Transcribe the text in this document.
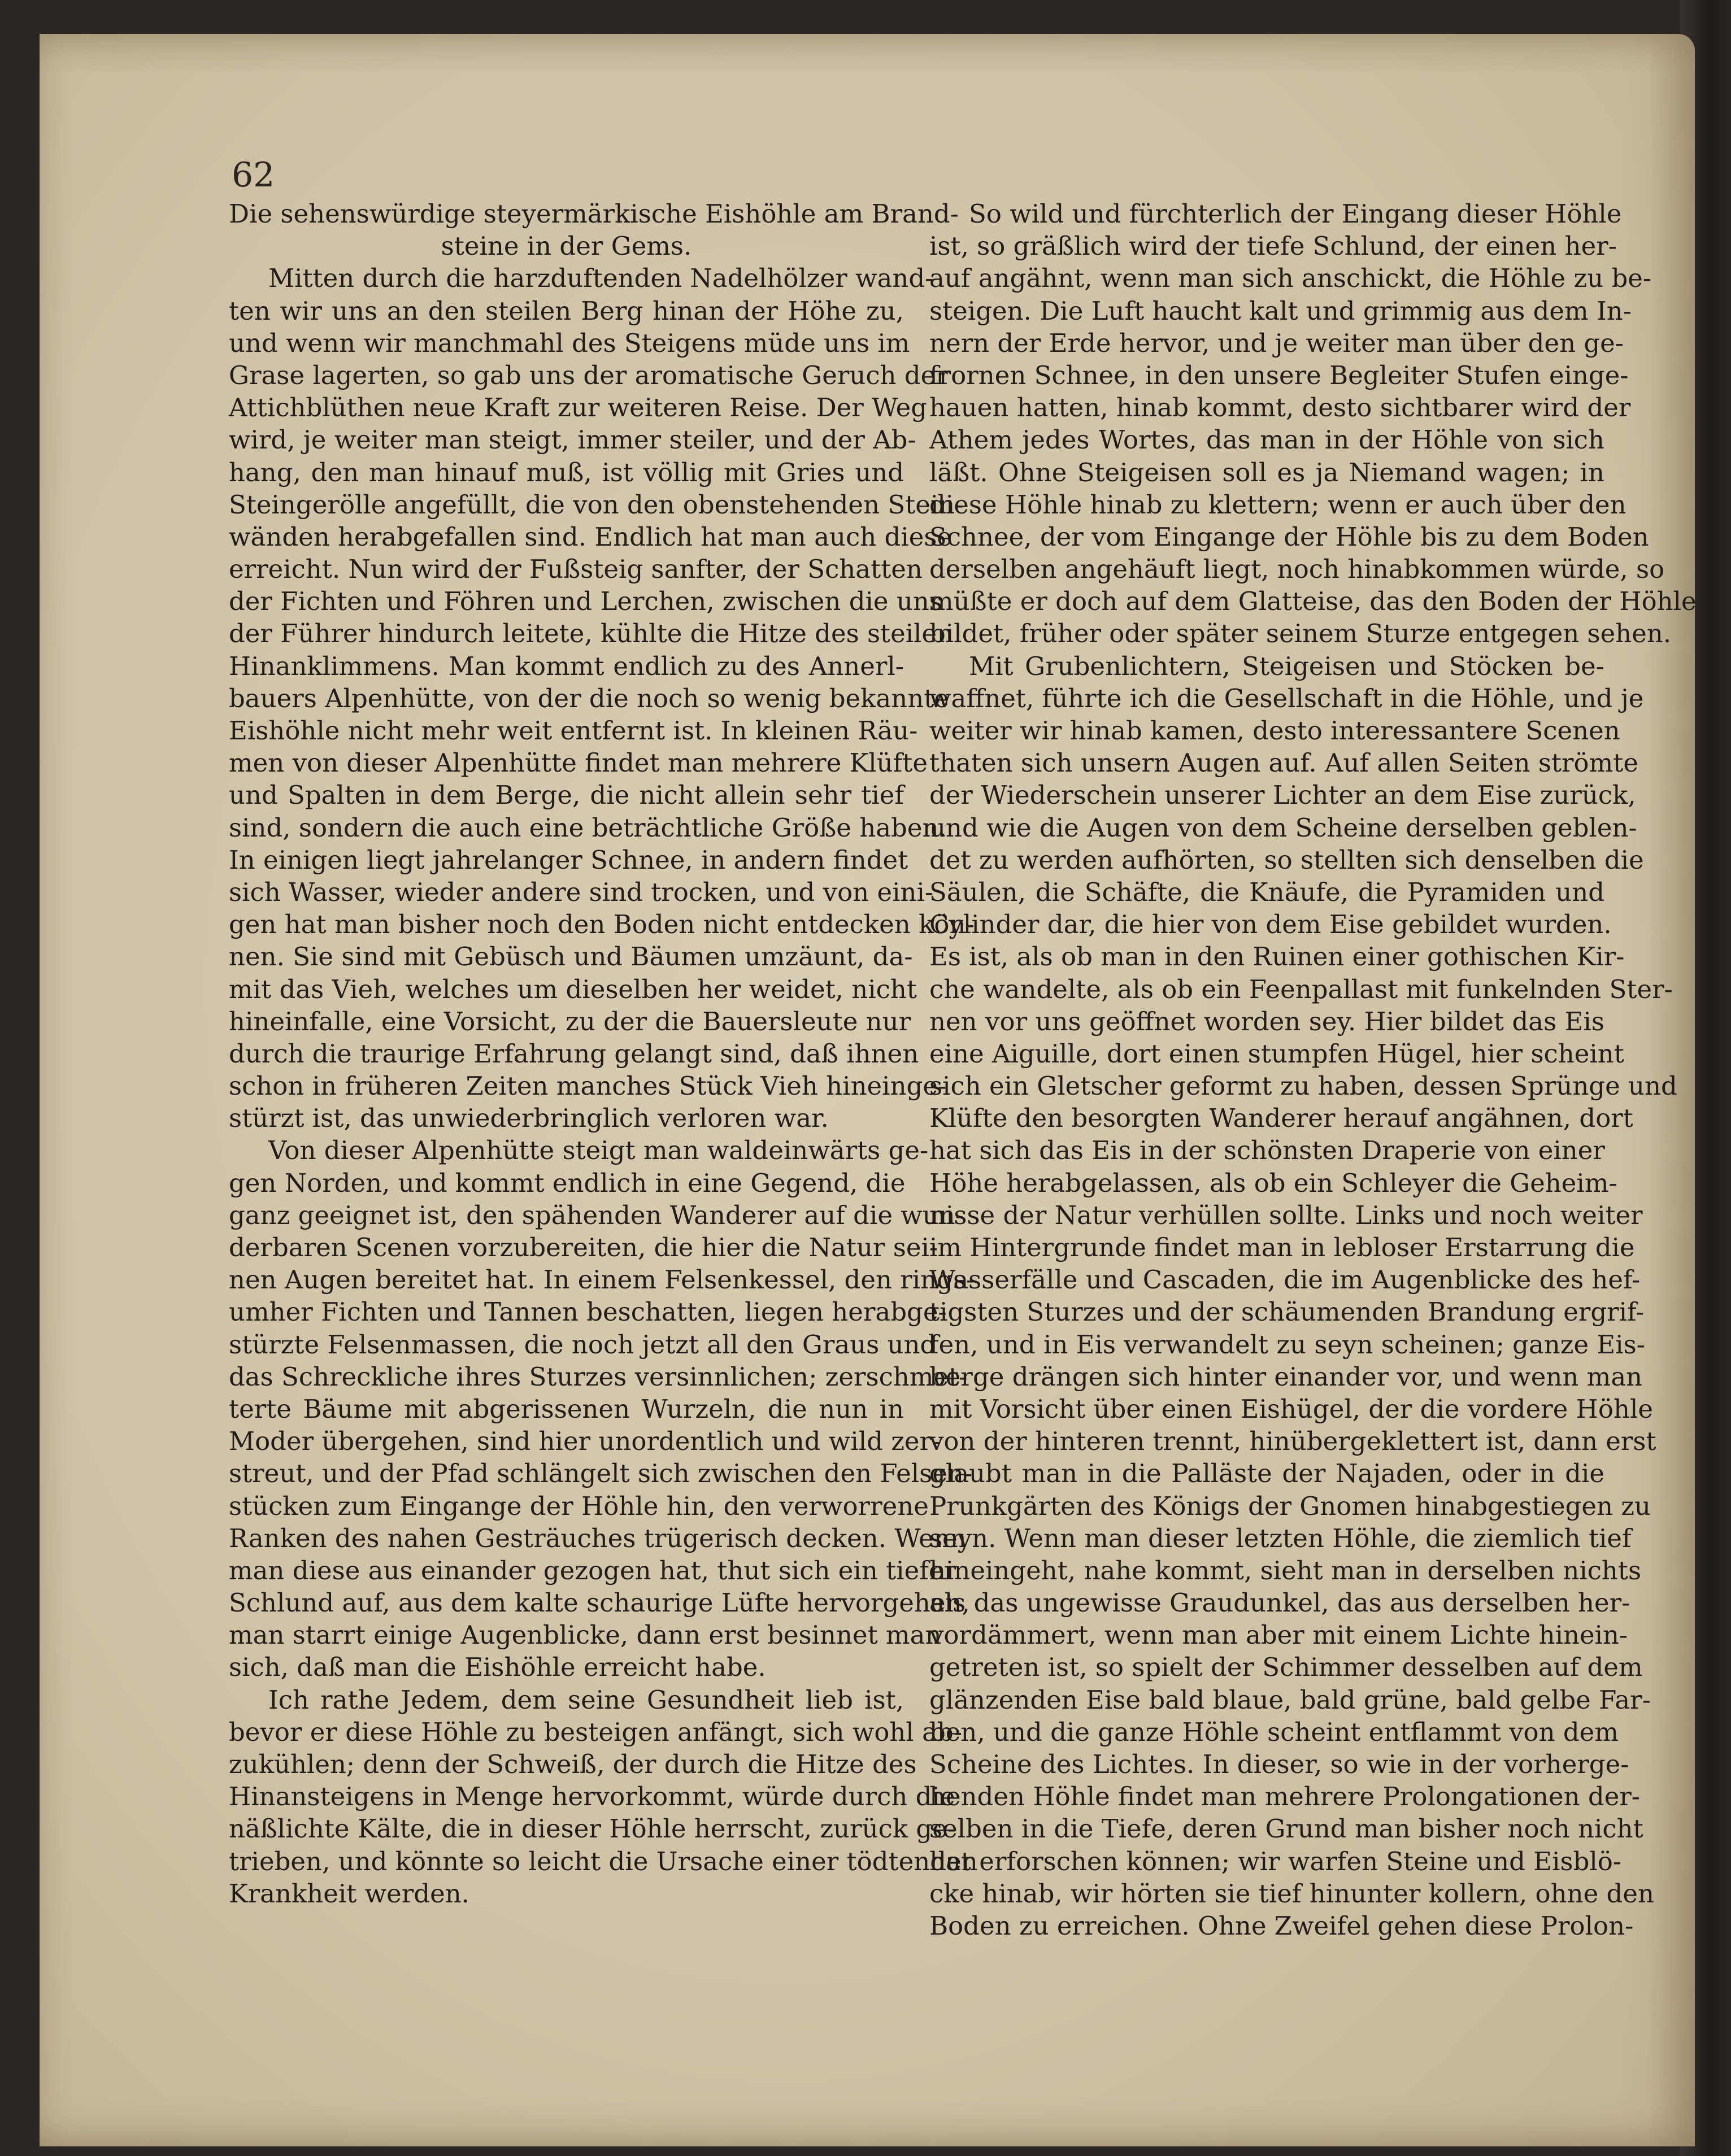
62
Die sehenswürdige steyermärkische Eishöhle am Brand-
steine in der Gems.
Mitten durch die harzduftenden Nadelhölzer wand-
ten wir uns an den steilen Berg hinan der Höhe zu,
und wenn wir manchmahl des Steigens müde uns im
Grase lagerten, so gab uns der aromatische Geruch der
Attichblüthen neue Kraft zur weiteren Reise. Der Weg
wird, je weiter man steigt, immer steiler, und der Ab-
hang, den man hinauf muß, ist völlig mit Gries und
Steingerölle angefüllt, die von den obenstehenden Stein-
wänden herabgefallen sind. Endlich hat man auch diese
erreicht. Nun wird der Fußsteig sanfter, der Schatten
der Fichten und Föhren und Lerchen, zwischen die uns
der Führer hindurch leitete, kühlte die Hitze des steilen
Hinanklimmens. Man kommt endlich zu des Annerl-
bauers Alpenhütte, von der die noch so wenig bekannte
Eishöhle nicht mehr weit entfernt ist. In kleinen Räu-
men von dieser Alpenhütte findet man mehrere Klüfte
und Spalten in dem Berge, die nicht allein sehr tief
sind, sondern die auch eine beträchtliche Größe haben.
In einigen liegt jahrelanger Schnee, in andern findet
sich Wasser, wieder andere sind trocken, und von eini-
gen hat man bisher noch den Boden nicht entdecken kön-
nen. Sie sind mit Gebüsch und Bäumen umzäunt, da-
mit das Vieh, welches um dieselben her weidet, nicht
hineinfalle, eine Vorsicht, zu der die Bauersleute nur
durch die traurige Erfahrung gelangt sind, daß ihnen
schon in früheren Zeiten manches Stück Vieh hineinge-
stürzt ist, das unwiederbringlich verloren war.
Von dieser Alpenhütte steigt man waldeinwärts ge-
gen Norden, und kommt endlich in eine Gegend, die
ganz geeignet ist, den spähenden Wanderer auf die wun-
derbaren Scenen vorzubereiten, die hier die Natur sei-
nen Augen bereitet hat. In einem Felsenkessel, den rings-
umher Fichten und Tannen beschatten, liegen herabge-
stürzte Felsenmassen, die noch jetzt all den Graus und
das Schreckliche ihres Sturzes versinnlichen; zerschmet-
terte Bäume mit abgerissenen Wurzeln, die nun in
Moder übergehen, sind hier unordentlich und wild zer-
streut, und der Pfad schlängelt sich zwischen den Felsen-
stücken zum Eingange der Höhle hin, den verworrene
Ranken des nahen Gesträuches trügerisch decken. Wenn
man diese aus einander gezogen hat, thut sich ein tiefer
Schlund auf, aus dem kalte schaurige Lüfte hervorgehen,
man starrt einige Augenblicke, dann erst besinnet man
sich, daß man die Eishöhle erreicht habe.
Ich rathe Jedem, dem seine Gesundheit lieb ist,
bevor er diese Höhle zu besteigen anfängt, sich wohl ab-
zukühlen; denn der Schweiß, der durch die Hitze des
Hinansteigens in Menge hervorkommt, würde durch die
näßlichte Kälte, die in dieser Höhle herrscht, zurück ge-
trieben, und könnte so leicht die Ursache einer tödtenden
Krankheit werden.
So wild und fürchterlich der Eingang dieser Höhle
ist, so gräßlich wird der tiefe Schlund, der einen her-
auf angähnt, wenn man sich anschickt, die Höhle zu be-
steigen. Die Luft haucht kalt und grimmig aus dem In-
nern der Erde hervor, und je weiter man über den ge-
frornen Schnee, in den unsere Begleiter Stufen einge-
hauen hatten, hinab kommt, desto sichtbarer wird der
Athem jedes Wortes, das man in der Höhle von sich
läßt. Ohne Steigeisen soll es ja Niemand wagen; in
diese Höhle hinab zu klettern; wenn er auch über den
Schnee, der vom Eingange der Höhle bis zu dem Boden
derselben angehäuft liegt, noch hinabkommen würde, so
müßte er doch auf dem Glatteise, das den Boden der Höhle
bildet, früher oder später seinem Sturze entgegen sehen.
Mit Grubenlichtern, Steigeisen und Stöcken be-
waffnet, führte ich die Gesellschaft in die Höhle, und je
weiter wir hinab kamen, desto interessantere Scenen
thaten sich unsern Augen auf. Auf allen Seiten strömte
der Wiederschein unserer Lichter an dem Eise zurück,
und wie die Augen von dem Scheine derselben geblen-
det zu werden aufhörten, so stellten sich denselben die
Säulen, die Schäfte, die Knäufe, die Pyramiden und
Cylinder dar, die hier von dem Eise gebildet wurden.
Es ist, als ob man in den Ruinen einer gothischen Kir-
che wandelte, als ob ein Feenpallast mit funkelnden Ster-
nen vor uns geöffnet worden sey. Hier bildet das Eis
eine Aiguille, dort einen stumpfen Hügel, hier scheint
sich ein Gletscher geformt zu haben, dessen Sprünge und
Klüfte den besorgten Wanderer herauf angähnen, dort
hat sich das Eis in der schönsten Draperie von einer
Höhe herabgelassen, als ob ein Schleyer die Geheim-
nisse der Natur verhüllen sollte. Links und noch weiter
im Hintergrunde findet man in lebloser Erstarrung die
Wasserfälle und Cascaden, die im Augenblicke des hef-
tigsten Sturzes und der schäumenden Brandung ergrif-
fen, und in Eis verwandelt zu seyn scheinen; ganze Eis-
berge drängen sich hinter einander vor, und wenn man
mit Vorsicht über einen Eishügel, der die vordere Höhle
von der hinteren trennt, hinübergeklettert ist, dann erst
glaubt man in die Palläste der Najaden, oder in die
Prunkgärten des Königs der Gnomen hinabgestiegen zu
seyn. Wenn man dieser letzten Höhle, die ziemlich tief
hineingeht, nahe kommt, sieht man in derselben nichts
als das ungewisse Graudunkel, das aus derselben her-
vordämmert, wenn man aber mit einem Lichte hinein-
getreten ist, so spielt der Schimmer desselben auf dem
glänzenden Eise bald blaue, bald grüne, bald gelbe Far-
ben, und die ganze Höhle scheint entflammt von dem
Scheine des Lichtes. In dieser, so wie in der vorherge-
henden Höhle findet man mehrere Prolongationen der-
selben in die Tiefe, deren Grund man bisher noch nicht
hat erforschen können; wir warfen Steine und Eisblö-
cke hinab, wir hörten sie tief hinunter kollern, ohne den
Boden zu erreichen. Ohne Zweifel gehen diese Prolon-
